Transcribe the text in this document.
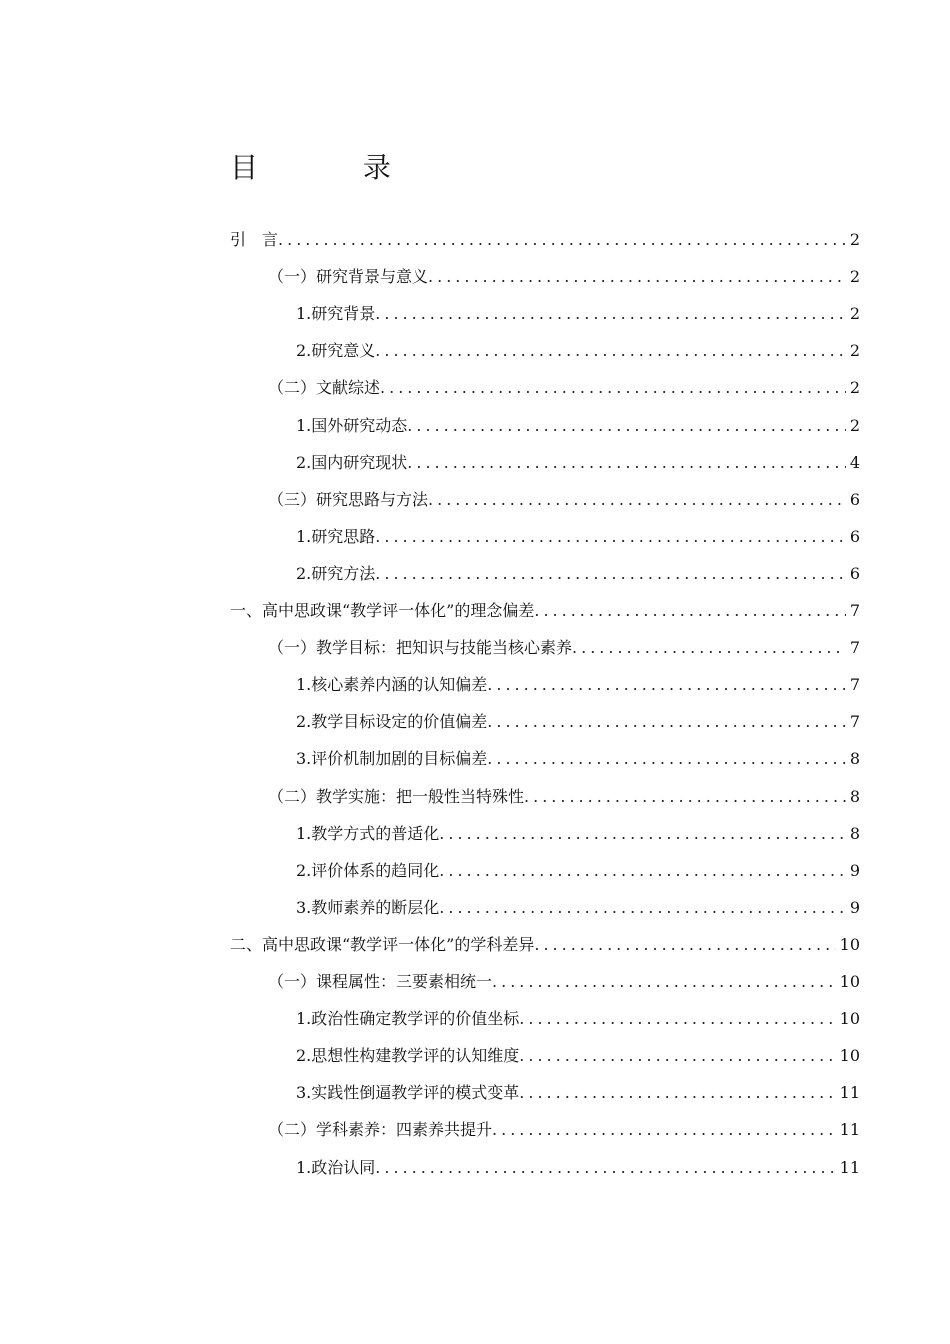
目 录
引　言 .....	2
（一）研究背景与意义 .....	2
1.研究背景 .....	2
2.研究意义 .....	2
（二）文献综述 .....	2
1.国外研究动态 .....	2
2.国内研究现状 .....	4
（三）研究思路与方法 .....	6
1.研究思路 .....	6
2.研究方法 .....	6
一、高中思政课“教学评一体化”的理念偏差 .....	7
（一）教学目标：把知识与技能当核心素养 .....	7
1.核心素养内涵的认知偏差 .....	7
2.教学目标设定的价值偏差 .....	7
3.评价机制加剧的目标偏差 .....	8
（二）教学实施：把一般性当特殊性 .....	8
1.教学方式的普适化 .....	8
2.评价体系的趋同化 .....	9
3.教师素养的断层化 .....	9
二、高中思政课“教学评一体化”的学科差异 .....	10
（一）课程属性：三要素相统一 .....	10
1.政治性确定教学评的价值坐标 .....	10
2.思想性构建教学评的认知维度 .....	10
3.实践性倒逼教学评的模式变革 .....	11
（二）学科素养：四素养共提升 .....	11
1.政治认同 .....	11
